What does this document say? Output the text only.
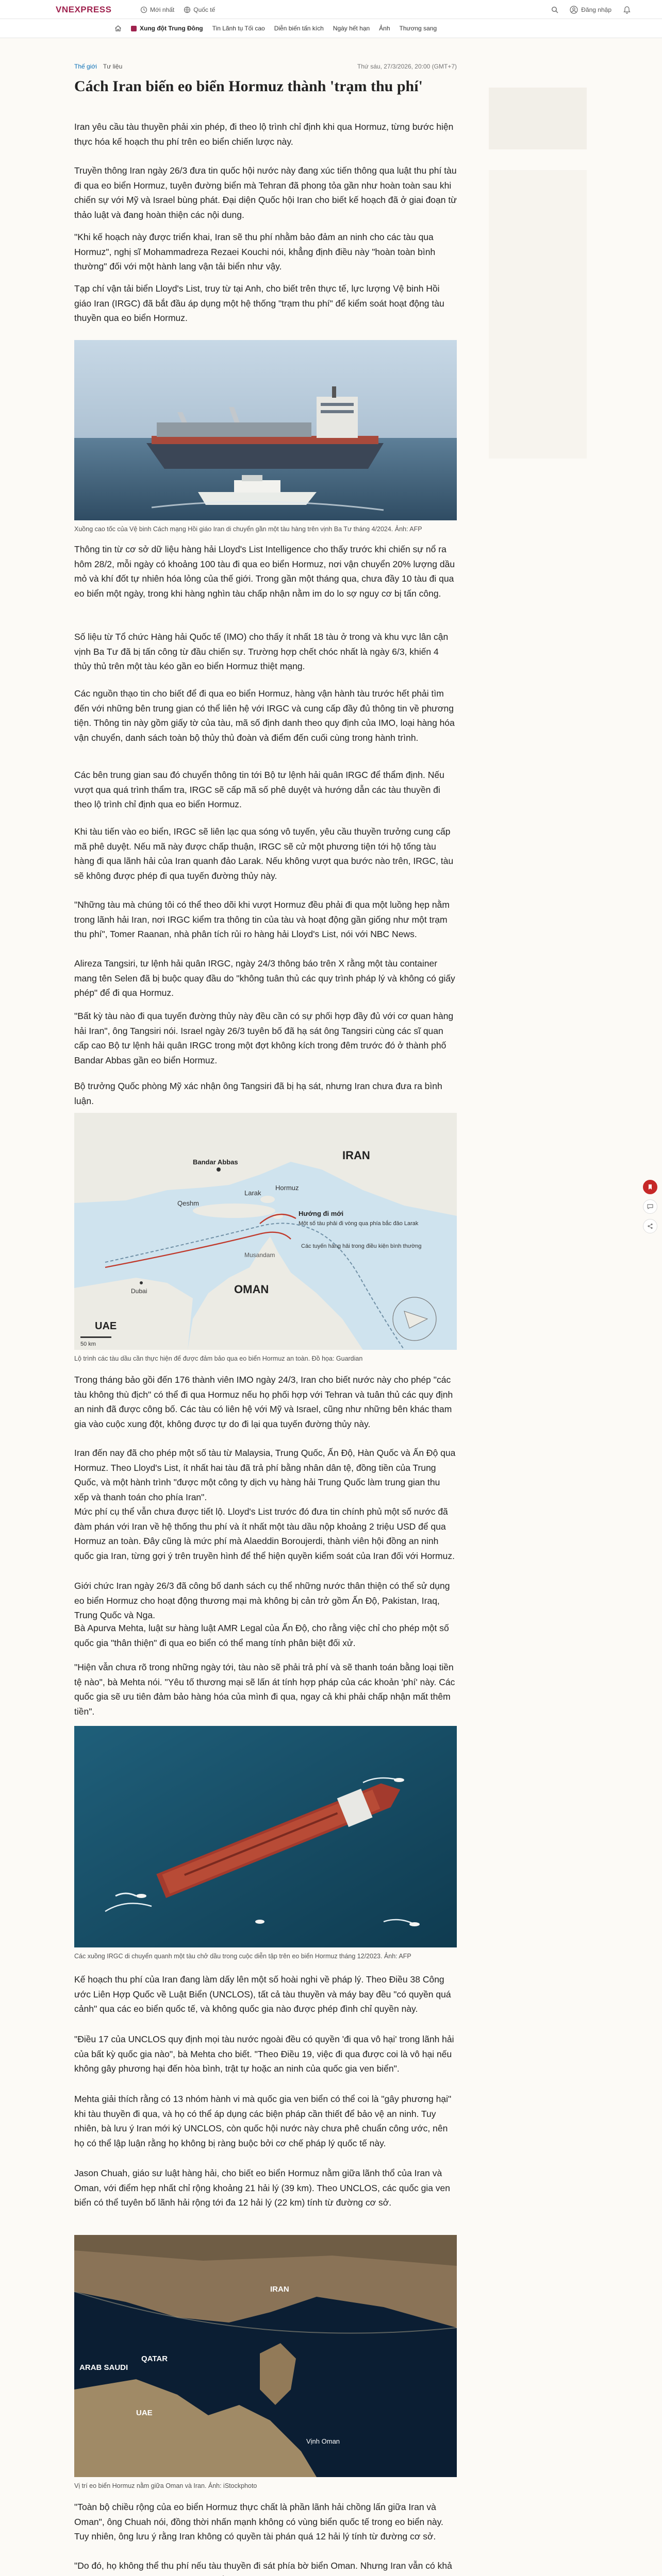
VNEXPRESS	Mới nhất	Quốc tế	Đăng nhập
Xung đột Trung Đông Tin Lãnh tụ Tối cao Diễn biến tấn kích Ngày hết hạn Ảnh Thương sang
Thế giới Tư liệu	Thứ sáu, 27/3/2026, 20:00 (GMT+7)
Cách Iran biến eo biển Hormuz thành 'trạm thu phí'

Iran yêu cầu tàu thuyền phải xin phép, đi theo lộ trình chỉ định khi qua Hormuz, từng bước hiện thực hóa kế hoạch thu phí trên eo biển chiến lược này.

Truyền thông Iran ngày 26/3 đưa tin quốc hội nước này đang xúc tiến thông qua luật thu phí tàu đi qua eo biển Hormuz, tuyên đường biển mà Tehran đã phong tỏa gần như hoàn toàn sau khi chiến sự với Mỹ và Israel bùng phát. Đại diện Quốc hội Iran cho biết kế hoạch đã ở giai đoạn từ thảo luật và đang hoàn thiện các nội dung.

"Khi kế hoạch này được triển khai, Iran sẽ thu phí nhằm bảo đảm an ninh cho các tàu qua Hormuz", nghị sĩ Mohammadreza Rezaei Kouchi nói, khẳng định điều này "hoàn toàn bình thường" đối với một hành lang vận tải biển như vậy.

Tạp chí vận tải biển Lloyd's List, truy từ tại Anh, cho biết trên thực tế, lực lượng Vệ binh Hồi giáo Iran (IRGC) đã bắt đầu áp dụng một hệ thống "trạm thu phí" để kiểm soát hoạt động tàu thuyền qua eo biển Hormuz.

Xuồng cao tốc của Vệ binh Cách mạng Hồi giáo Iran di chuyển gần một tàu hàng trên vịnh Ba Tư tháng 4/2024. Ảnh: AFP

Thông tin từ cơ sở dữ liệu hàng hải Lloyd's List Intelligence cho thấy trước khi chiến sự nổ ra hôm 28/2, mỗi ngày có khoảng 100 tàu đi qua eo biển Hormuz, nơi vận chuyển 20% lượng dầu mỏ và khí đốt tự nhiên hóa lỏng của thế giới. Trong gần một tháng qua, chưa đầy 10 tàu đi qua eo biển một ngày, trong khi hàng nghìn tàu chấp nhận nằm im do lo sợ nguy cơ bị tấn công.

Số liệu từ Tổ chức Hàng hải Quốc tế (IMO) cho thấy ít nhất 18 tàu ở trong và khu vực lân cận vịnh Ba Tư đã bị tấn công từ đầu chiến sự. Trường hợp chết chóc nhất là ngày 6/3, khiến 4 thủy thủ trên một tàu kéo gần eo biển Hormuz thiệt mạng.

Các nguồn thạo tin cho biết để đi qua eo biển Hormuz, hàng vận hành tàu trước hết phải tìm đến với những bên trung gian có thể liên hệ với IRGC và cung cấp đầy đủ thông tin về phương tiện. Thông tin này gồm giấy tờ của tàu, mã số định danh theo quy định của IMO, loại hàng hóa vận chuyển, danh sách toàn bộ thủy thủ đoàn và điểm đến cuối cùng trong hành trình.

Các bên trung gian sau đó chuyển thông tin tới Bộ tư lệnh hải quân IRGC để thẩm định. Nếu vượt qua quá trình thẩm tra, IRGC sẽ cấp mã số phê duyệt và hướng dẫn các tàu thuyền đi theo lộ trình chỉ định qua eo biển Hormuz.

Khi tàu tiến vào eo biển, IRGC sẽ liên lạc qua sóng vô tuyến, yêu cầu thuyền trưởng cung cấp mã phê duyệt. Nếu mã này được chấp thuận, IRGC sẽ cử một phương tiện tới hộ tống tàu hàng đi qua lãnh hải của Iran quanh đảo Larak. Nếu không vượt qua bước nào trên, IRGC, tàu sẽ không được phép đi qua tuyến đường thủy này.

"Những tàu mà chúng tôi có thể theo dõi khi vượt Hormuz đều phải đi qua một luồng hẹp nằm trong lãnh hải Iran, nơi IRGC kiểm tra thông tin của tàu và hoạt động gần giống như một trạm thu phí", Tomer Raanan, nhà phân tích rủi ro hàng hải Lloyd's List, nói với NBC News.

Alireza Tangsiri, tư lệnh hải quân IRGC, ngày 24/3 thông báo trên X rằng một tàu container mang tên Selen đã bị buộc quay đầu do "không tuân thủ các quy trình pháp lý và không có giấy phép" để đi qua Hormuz.

"Bất kỳ tàu nào đi qua tuyến đường thủy này đều cần có sự phối hợp đầy đủ với cơ quan hàng hải Iran", ông Tangsiri nói. Israel ngày 26/3 tuyên bố đã hạ sát ông Tangsiri cùng các sĩ quan cấp cao Bộ tư lệnh hải quân IRGC trong một đợt không kích trong đêm trước đó ở thành phố Bandar Abbas gần eo biển Hormuz.

Bộ trưởng Quốc phòng Mỹ xác nhận ông Tangsiri đã bị hạ sát, nhưng Iran chưa đưa ra bình luận.

IRAN
OMAN
UAE
Bandar Abbas
Qeshm
Larak
Hormuz
Musandam
Dubai
Hướng đi mới
Một số tàu phải đi vòng qua phía bắc đảo Larak
Các tuyến hàng hải trong điều kiện bình thường
50 km

Lộ trình các tàu dầu cần thực hiện để được đảm bảo qua eo biển Hormuz an toàn. Đồ họa: Guardian

Trong tháng bảo gồi đến 176 thành viên IMO ngày 24/3, Iran cho biết nước này cho phép "các tàu không thù địch" có thể đi qua Hormuz nếu họ phối hợp với Tehran và tuân thủ các quy định an ninh đã được công bố. Các tàu có liên hệ với Mỹ và Israel, cũng như những bên khác tham gia vào cuộc xung đột, không được tự do đi lại qua tuyến đường thủy này.

Iran đến nay đã cho phép một số tàu từ Malaysia, Trung Quốc, Ấn Độ, Hàn Quốc và Ấn Độ qua Hormuz. Theo Lloyd's List, ít nhất hai tàu đã trả phí bằng nhân dân tệ, đồng tiền của Trung Quốc, và một hành trình "được một công ty dịch vụ hàng hải Trung Quốc làm trung gian thu xếp và thanh toán cho phía Iran".

Mức phí cụ thể vẫn chưa được tiết lộ. Lloyd's List trước đó đưa tin chính phủ một số nước đã đàm phán với Iran về hệ thống thu phí và ít nhất một tàu dầu nộp khoảng 2 triệu USD để qua Hormuz an toàn. Đây cũng là mức phí mà Alaeddin Boroujerdi, thành viên hội đồng an ninh quốc gia Iran, từng gợi ý trên truyền hình để thể hiện quyền kiểm soát của Iran đối với Hormuz.

Giới chức Iran ngày 26/3 đã công bố danh sách cụ thể những nước thân thiện có thể sử dụng eo biển Hormuz cho hoạt động thương mại mà không bị cản trở gồm Ấn Độ, Pakistan, Iraq, Trung Quốc và Nga.

Bà Apurva Mehta, luật sư hàng luật AMR Legal của Ấn Độ, cho rằng việc chỉ cho phép một số quốc gia "thân thiện" đi qua eo biển có thể mang tính phân biệt đối xử.

"Hiện vẫn chưa rõ trong những ngày tới, tàu nào sẽ phải trả phí và sẽ thanh toán bằng loại tiền tệ nào", bà Mehta nói. "Yêu tố thương mại sẽ lấn át tính hợp pháp của các khoản 'phí' này. Các quốc gia sẽ ưu tiên đảm bảo hàng hóa của mình đi qua, ngay cả khi phải chấp nhận mất thêm tiền".

Các xuồng IRGC di chuyển quanh một tàu chở dầu trong cuộc diễn tập trên eo biển Hormuz tháng 12/2023. Ảnh: AFP

Kế hoạch thu phí của Iran đang làm dấy lên một số hoài nghi về pháp lý. Theo Điều 38 Công ước Liên Hợp Quốc về Luật Biển (UNCLOS), tất cả tàu thuyền và máy bay đều "có quyền quá cảnh" qua các eo biển quốc tế, và không quốc gia nào được phép đình chỉ quyền này.

"Điều 17 của UNCLOS quy định mọi tàu nước ngoài đều có quyền 'đi qua vô hại' trong lãnh hải của bất kỳ quốc gia nào", bà Mehta cho biết. "Theo Điều 19, việc đi qua được coi là vô hại nếu không gây phương hại đến hòa bình, trật tự hoặc an ninh của quốc gia ven biển".

Mehta giải thích rằng có 13 nhóm hành vi mà quốc gia ven biển có thể coi là "gây phương hại" khi tàu thuyền đi qua, và họ có thể áp dụng các biện pháp cần thiết để bảo vệ an ninh. Tuy nhiên, bà lưu ý Iran mới ký UNCLOS, còn quốc hội nước này chưa phê chuẩn công ước, nên họ có thể lập luận rằng họ không bị ràng buộc bởi cơ chế pháp lý quốc tế này.

Jason Chuah, giáo sư luật hàng hải, cho biết eo biển Hormuz nằm giữa lãnh thổ của Iran và Oman, với điểm hẹp nhất chỉ rộng khoảng 21 hải lý (39 km). Theo UNCLOS, các quốc gia ven biển có thể tuyên bố lãnh hải rộng tới đa 12 hải lý (22 km) tính từ đường cơ sở.

ARAB SAUDI
QATAR
IRAN
UAE
Vịnh Oman

Vị trí eo biển Hormuz nằm giữa Oman và Iran. Ảnh: iStockphoto

"Toàn bộ chiều rộng của eo biển Hormuz thực chất là phần lãnh hải chồng lấn giữa Iran và Oman", ông Chuah nói, đồng thời nhấn mạnh không có vùng biển quốc tế trong eo biển này. Tuy nhiên, ông lưu ý rằng Iran không có quyền tài phán quá 12 hải lý tính từ đường cơ sở.

"Do đó, họ không thể thu phí nếu tàu thuyền đi sát phía bờ biển Oman. Nhưng Iran vẫn có khả
